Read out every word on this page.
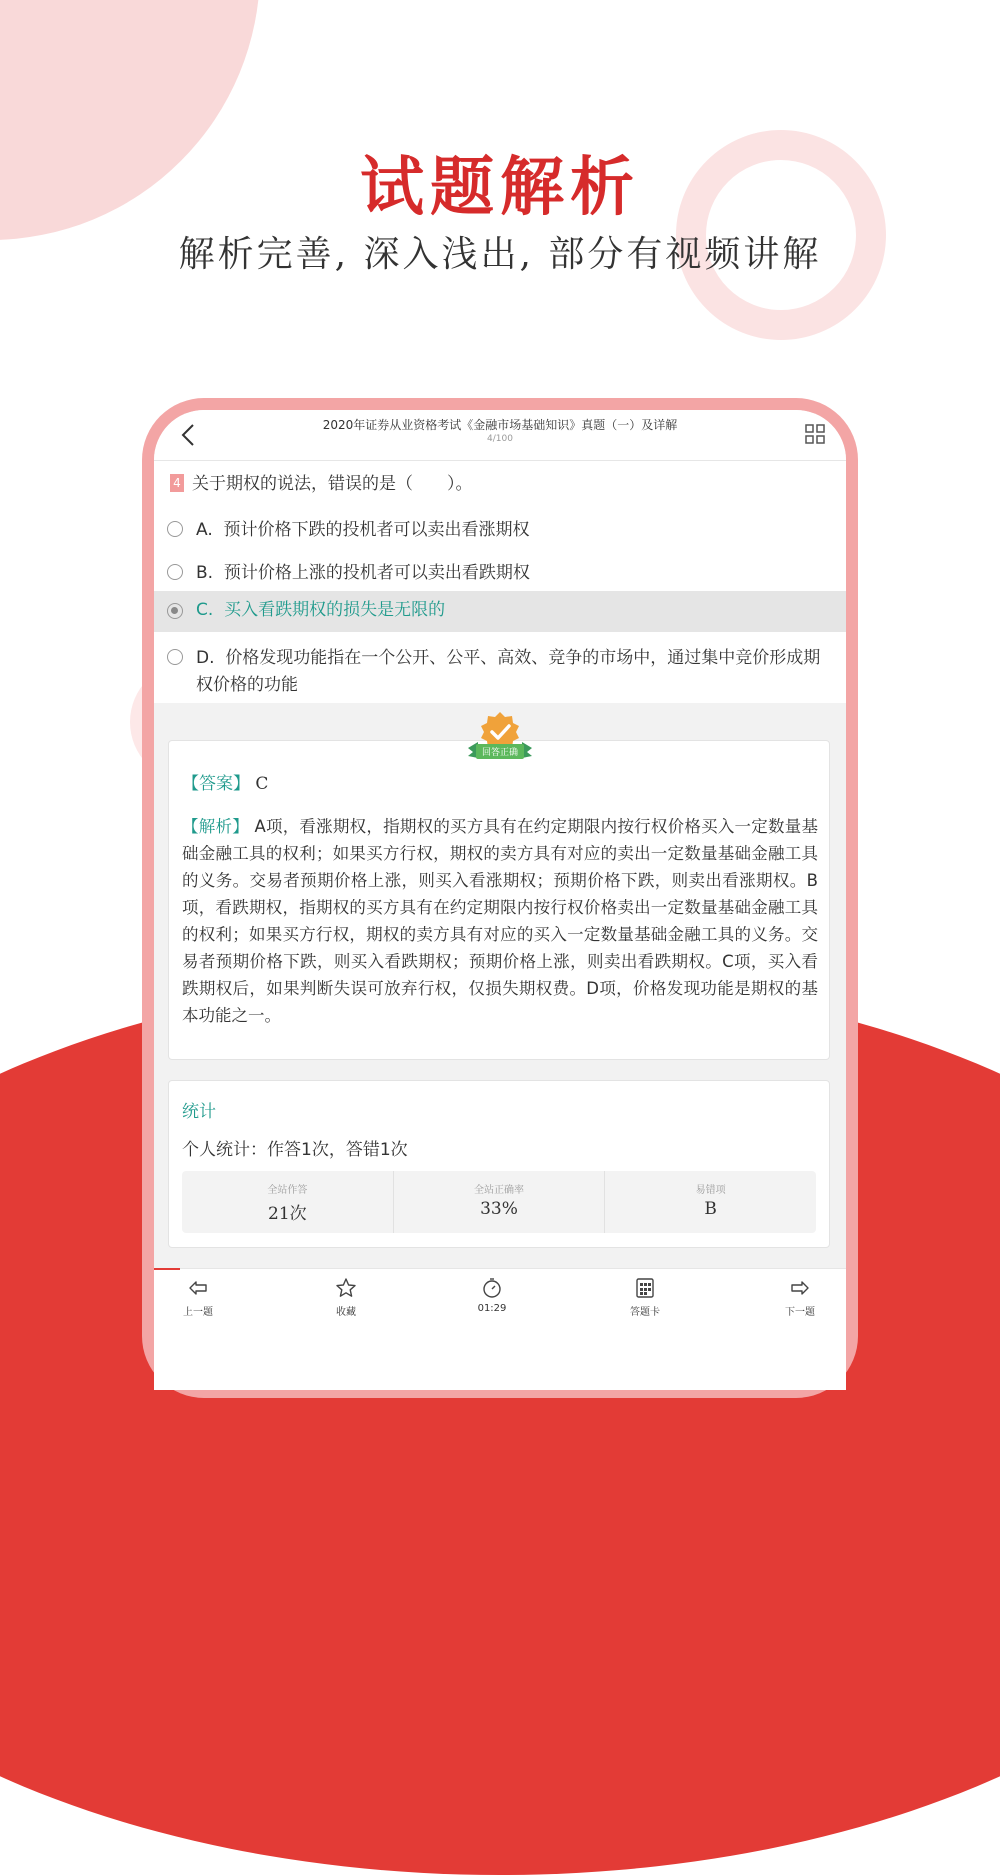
试题解析
解析完善, 深入浅出, 部分有视频讲解
2020年证券从业资格考试《金融市场基础知识》真题（一）及详解
4/100
4 关于期权的说法，错误的是（　　）。
A. 预计价格下跌的投机者可以卖出看涨期权
B. 预计价格上涨的投机者可以卖出看跌期权
C. 买入看跌期权的损失是无限的
D. 价格发现功能指在一个公开、公平、高效、竞争的市场中，通过集中竞价形成期权价格的功能
【答案】 C
【解析】 A项，看涨期权，指期权的买方具有在约定期限内按行权价格买入一定数量基础金融工具的权利；如果买方行权，期权的卖方具有对应的卖出一定数量基础金融工具的义务。交易者预期价格上涨，则买入看涨期权；预期价格下跌，则卖出看涨期权。B项，看跌期权，指期权的买方具有在约定期限内按行权价格卖出一定数量基础金融工具的权利；如果买方行权，期权的卖方具有对应的买入一定数量基础金融工具的义务。交易者预期价格下跌，则买入看跌期权；预期价格上涨，则卖出看跌期权。C项，买入看跌期权后，如果判断失误可放弃行权，仅损失期权费。D项，价格发现功能是期权的基本功能之一。
回答正确
统计
个人统计：作答1次，答错1次
全站作答
21次
全站正确率
33%
易错项
B
上一题	收藏	01:29	答题卡	下一题
